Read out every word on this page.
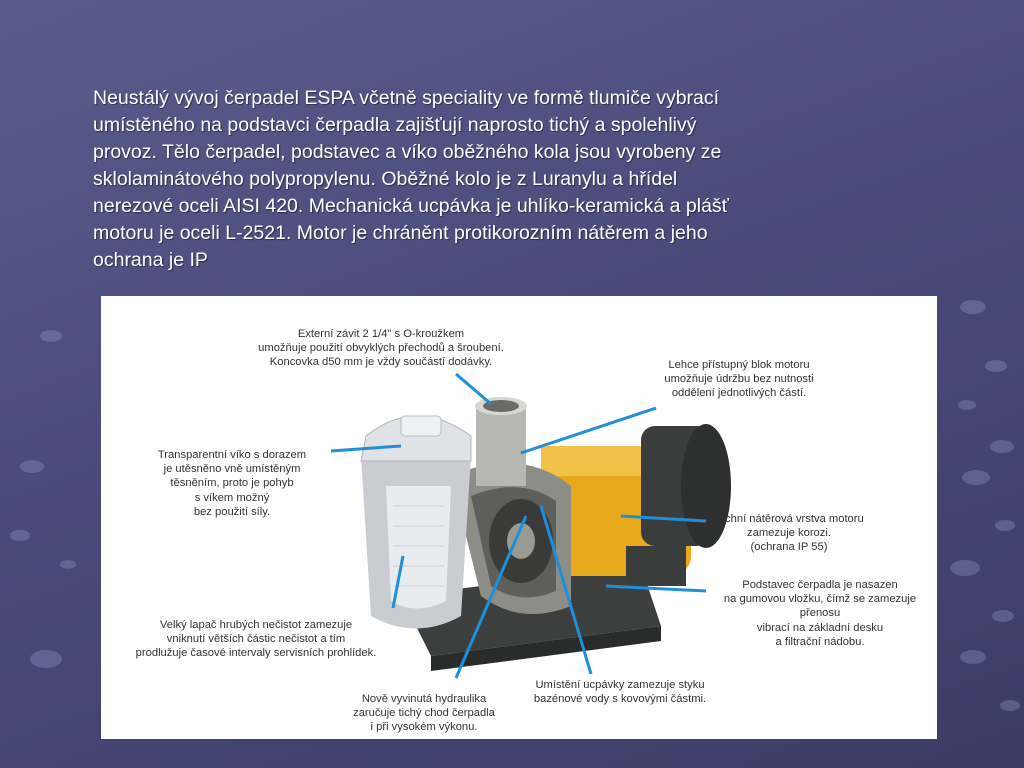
Neustálý vývoj čerpadel ESPA včetně speciality ve formě tlumiče vybrací
umístěného na podstavci čerpadla zajišťují naprosto tichý a spolehlivý
provoz. Tělo čerpadel, podstavec a víko oběžného kola jsou vyrobeny ze
sklolaminátového polypropylenu. Oběžné kolo je z Luranylu a hřídel
nerezové oceli AISI 420. Mechanická ucpávka je uhlíko-keramická a plášť
motoru je oceli L-2521. Motor je chráněnt protikorozním nátěrem a jeho
ochrana je IP
Externí závit 2 1/4" s O-kroužkem
umožňuje použití obvyklých přechodů a šroubení.
Koncovka d50 mm je vždy součástí dodávky.	Lehce přístupný blok motoru
umožňuje údržbu bez nutnosti
oddělení jednotlivých částí.
Transparentní víko s dorazem
je utěsněno vně umístěným
těsněním, proto je pohyb
s víkem možný
bez použití síly.
Vrchní nátěrová vrstva motoru
zamezuje korozi.
(ochrana IP 55)
Podstavec čerpadla je nasazen
na gumovou vložku, čímž se zamezuje
přenosu
vibrací na základní desku
a filtrační nádobu.
Velký lapač hrubých nečistot zamezuje
vniknutí větších částic nečistot a tím
prodlužuje časové intervaly servisních prohlídek.
Umístění ucpávky zamezuje styku
bazénové vody s kovovými částmi.
Nově vyvinutá hydraulika
zaručuje tichý chod čerpadla
i při vysokém výkonu.
